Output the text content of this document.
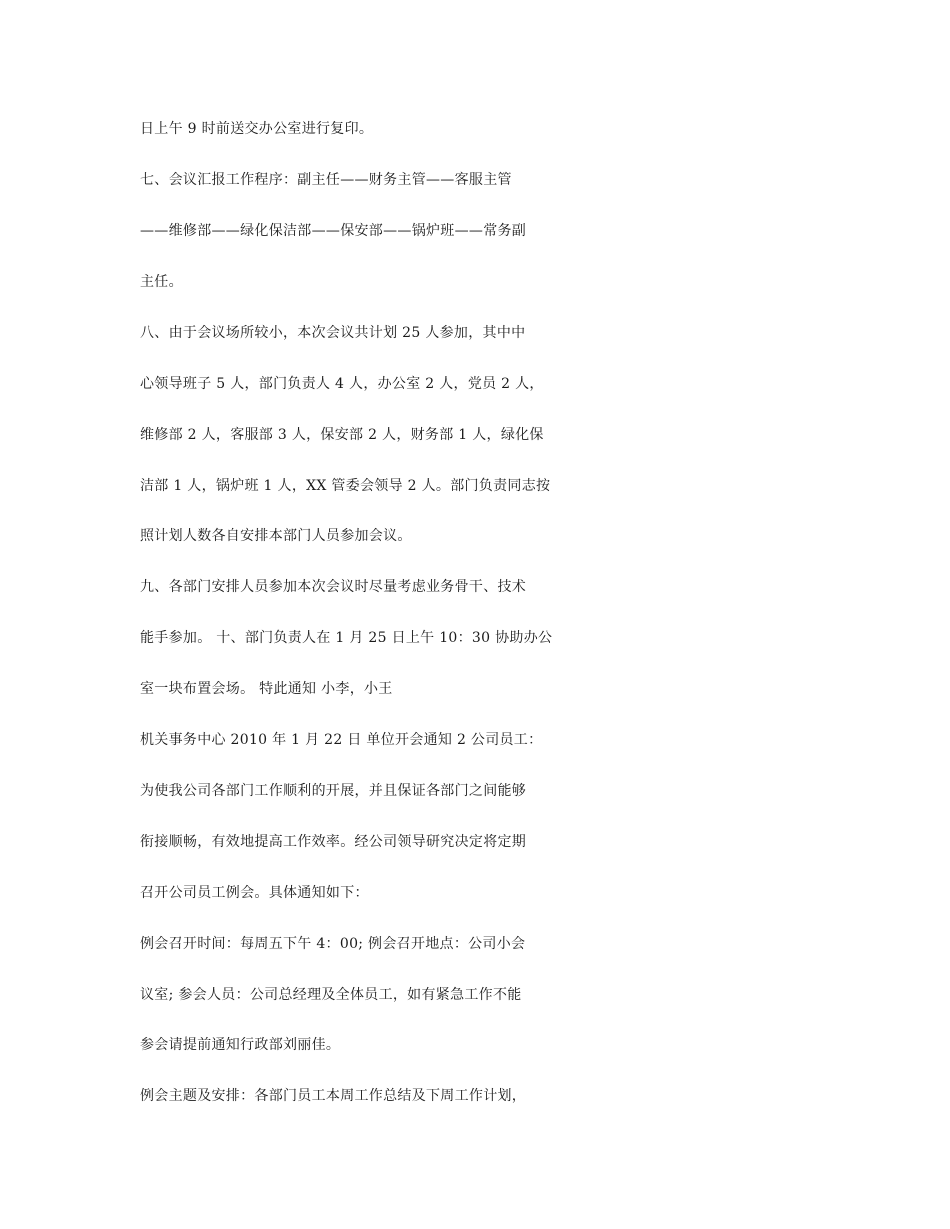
日上午 9 时前送交办公室进行复印。
七、会议汇报工作程序：副主任——财务主管——客服主管
——维修部——绿化保洁部——保安部——锅炉班——常务副
主任。
八、由于会议场所较小，本次会议共计划 25 人参加，其中中
心领导班子 5 人，部门负责人 4 人，办公室 2 人，党员 2 人，
维修部 2 人，客服部 3 人，保安部 2 人，财务部 1 人，绿化保
洁部 1 人，锅炉班 1 人，XX 管委会领导 2 人。部门负责同志按
照计划人数各自安排本部门人员参加会议。
九、各部门安排人员参加本次会议时尽量考虑业务骨干、技术
能手参加。 十、部门负责人在 1 月 25 日上午 10：30 协助办公
室一块布置会场。 特此通知 小李，小王
机关事务中心 2010 年 1 月 22 日 单位开会通知 2 公司员工：
为使我公司各部门工作顺利的开展，并且保证各部门之间能够
衔接顺畅，有效地提高工作效率。经公司领导研究决定将定期
召开公司员工例会。具体通知如下：
例会召开时间：每周五下午 4：00; 例会召开地点：公司小会
议室; 参会人员：公司总经理及全体员工，如有紧急工作不能
参会请提前通知行政部刘丽佳。
例会主题及安排：各部门员工本周工作总结及下周工作计划，
